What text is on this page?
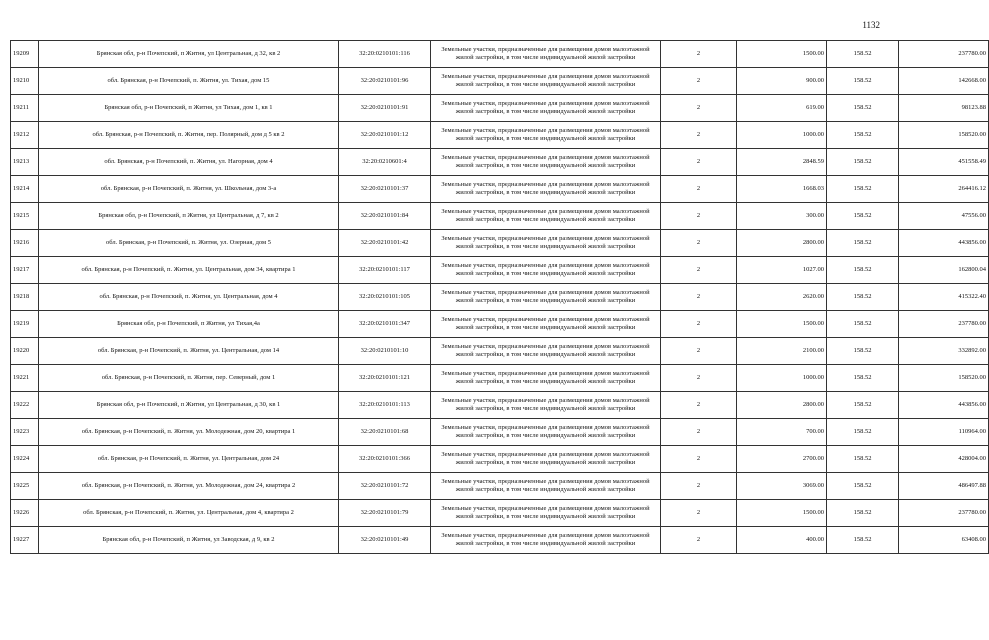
1132
19209	Брянская обл, р-н Почепский, п Житня, ул Центральная, д 32, кв 2	32:20:0210101:116	Земельные участки, предназначенные для размещения домов малоэтажной жилой застройки, в том числе индивидуальной жилой застройки	2	1500.00	158.52	237780.00
19210	обл. Брянская, р-н Почепский, п. Житня, ул. Тихая, дом 15	32:20:0210101:96	Земельные участки, предназначенные для размещения домов малоэтажной жилой застройки, в том числе индивидуальной жилой застройки	2	900.00	158.52	142668.00
19211	Брянская обл, р-н Почепский, п Житня, ул Тихая, дом 1, кв 1	32:20:0210101:91	Земельные участки, предназначенные для размещения домов малоэтажной жилой застройки, в том числе индивидуальной жилой застройки	2	619.00	158.52	98123.88
19212	обл. Брянская, р-н Почепский, п. Житня, пер. Полярный, дом д 5 кв 2	32:20:0210101:12	Земельные участки, предназначенные для размещения домов малоэтажной жилой застройки, в том числе индивидуальной жилой застройки	2	1000.00	158.52	158520.00
19213	обл. Брянская, р-н Почепский, п. Житня, ул. Нагорная, дом 4	32:20:0210601:4	Земельные участки, предназначенные для размещения домов малоэтажной жилой застройки, в том числе индивидуальной жилой застройки	2	2848.59	158.52	451558.49
19214	обл. Брянская, р-н Почепский, п. Житня, ул. Школьная, дом 3-а	32:20:0210101:37	Земельные участки, предназначенные для размещения домов малоэтажной жилой застройки, в том числе индивидуальной жилой застройки	2	1668.03	158.52	264416.12
19215	Брянская обл, р-н Почепский, п Житня, ул Центральная, д 7, кв 2	32:20:0210101:84	Земельные участки, предназначенные для размещения домов малоэтажной жилой застройки, в том числе индивидуальной жилой застройки	2	300.00	158.52	47556.00
19216	обл. Брянская, р-н Почепский, п. Житня, ул. Озерная, дом 5	32:20:0210101:42	Земельные участки, предназначенные для размещения домов малоэтажной жилой застройки, в том числе индивидуальной жилой застройки	2	2800.00	158.52	443856.00
19217	обл. Брянская, р-н Почепский, п. Житня, ул. Центральная, дом 34, квартира 1	32:20:0210101:117	Земельные участки, предназначенные для размещения домов малоэтажной жилой застройки, в том числе индивидуальной жилой застройки	2	1027.00	158.52	162800.04
19218	обл. Брянская, р-н Почепский, п. Житня, ул. Центральная, дом 4	32:20:0210101:105	Земельные участки, предназначенные для размещения домов малоэтажной жилой застройки, в том числе индивидуальной жилой застройки	2	2620.00	158.52	415322.40
19219	Брянская обл, р-н Почепский, п Житня, ул Тихая,4а	32:20:0210101:347	Земельные участки, предназначенные для размещения домов малоэтажной жилой застройки, в том числе индивидуальной жилой застройки	2	1500.00	158.52	237780.00
19220	обл. Брянская, р-н Почепский, п. Житня, ул. Центральная, дом 14	32:20:0210101:10	Земельные участки, предназначенные для размещения домов малоэтажной жилой застройки, в том числе индивидуальной жилой застройки	2	2100.00	158.52	332892.00
19221	обл. Брянская, р-н Почепский, п. Житня, пер. Северный, дом 1	32:20:0210101:121	Земельные участки, предназначенные для размещения домов малоэтажной жилой застройки, в том числе индивидуальной жилой застройки	2	1000.00	158.52	158520.00
19222	Брянская обл, р-н Почепский, п Житня, ул Центральная, д 30, кв 1	32:20:0210101:113	Земельные участки, предназначенные для размещения домов малоэтажной жилой застройки, в том числе индивидуальной жилой застройки	2	2800.00	158.52	443856.00
19223	обл. Брянская, р-н Почепский, п. Житня, ул. Молодежная, дом 20, квартира 1	32:20:0210101:68	Земельные участки, предназначенные для размещения домов малоэтажной жилой застройки, в том числе индивидуальной жилой застройки	2	700.00	158.52	110964.00
19224	обл. Брянская, р-н Почепский, п. Житня, ул. Центральная, дом 24	32:20:0210101:366	Земельные участки, предназначенные для размещения домов малоэтажной жилой застройки, в том числе индивидуальной жилой застройки	2	2700.00	158.52	428004.00
19225	обл. Брянская, р-н Почепский, п. Житня, ул. Молодежная, дом 24, квартира 2	32:20:0210101:72	Земельные участки, предназначенные для размещения домов малоэтажной жилой застройки, в том числе индивидуальной жилой застройки	2	3069.00	158.52	486497.88
19226	обл. Брянская, р-н Почепский, п. Житня, ул. Центральная, дом 4, квартира 2	32:20:0210101:79	Земельные участки, предназначенные для размещения домов малоэтажной жилой застройки, в том числе индивидуальной жилой застройки	2	1500.00	158.52	237780.00
19227	Брянская обл, р-н Почепский, п Житня, ул Заводская, д 9, кв 2	32:20:0210101:49	Земельные участки, предназначенные для размещения домов малоэтажной жилой застройки, в том числе индивидуальной жилой застройки	2	400.00	158.52	63408.00
